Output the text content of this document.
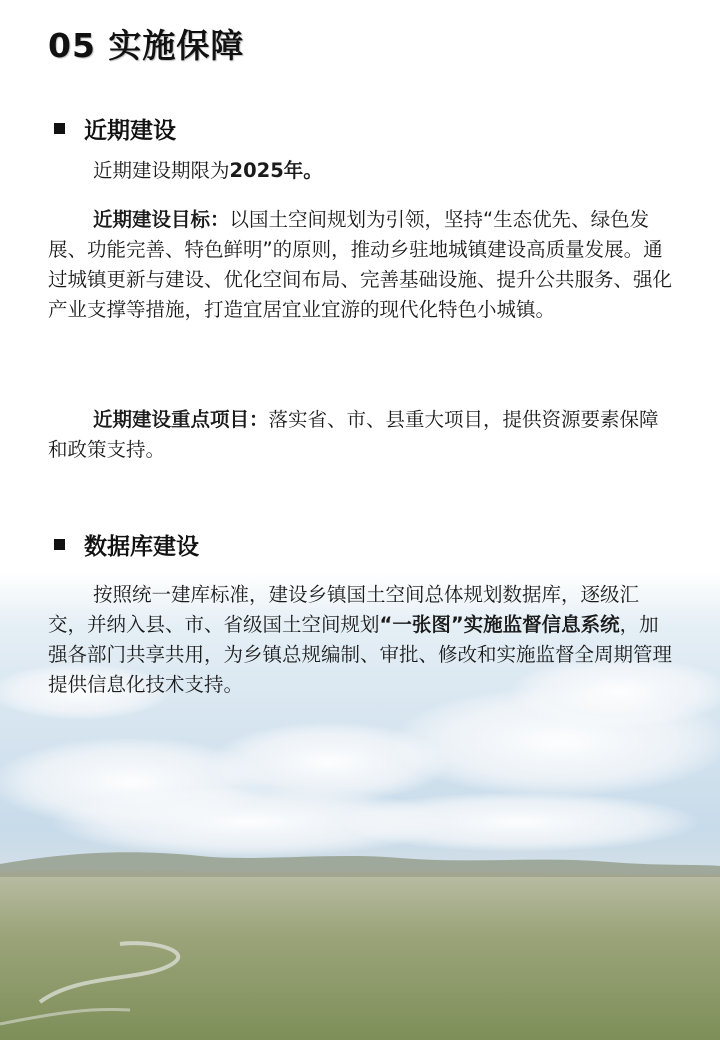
05 实施保障
近期建设

近期建设期限为2025年。

近期建设目标：以国土空间规划为引领，坚持“生态优先、绿色发展、功能完善、特色鲜明”的原则，推动乡驻地城镇建设高质量发展。通过城镇更新与建设、优化空间布局、完善基础设施、提升公共服务、强化产业支撑等措施，打造宜居宜业宜游的现代化特色小城镇。

近期建设重点项目：落实省、市、县重大项目，提供资源要素保障和政策支持。

数据库建设

按照统一建库标准，建设乡镇国土空间总体规划数据库，逐级汇交，并纳入县、市、省级国土空间规划“一张图”实施监督信息系统，加强各部门共享共用，为乡镇总规编制、审批、修改和实施监督全周期管理提供信息化技术支持。
